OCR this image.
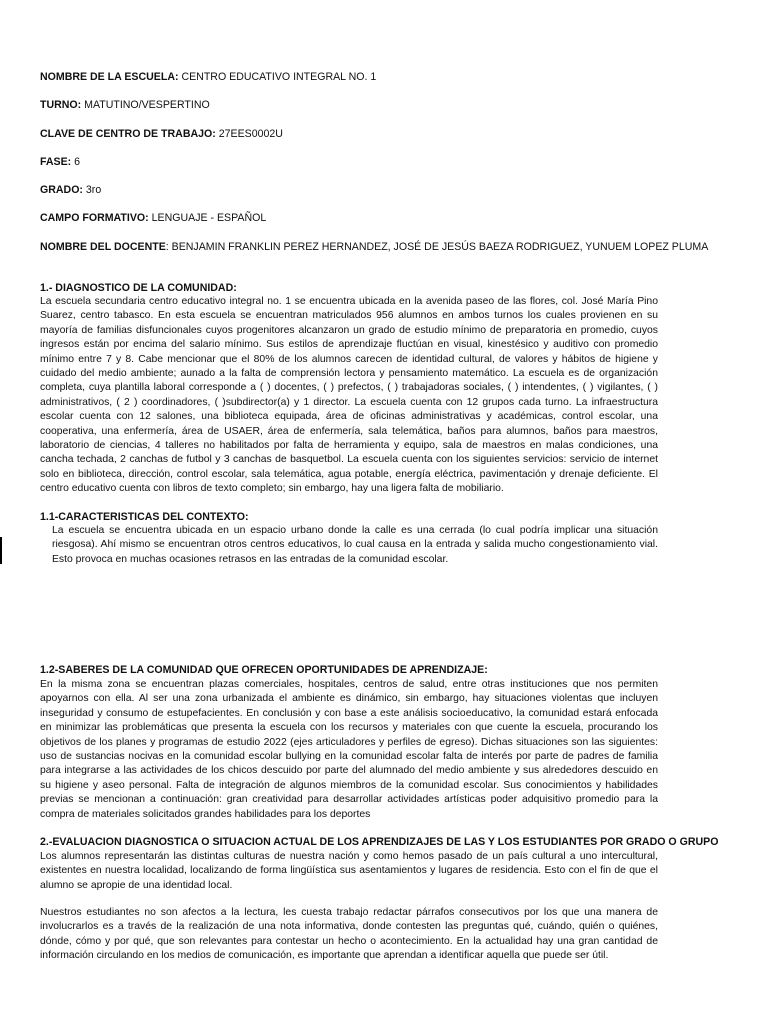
NOMBRE DE LA ESCUELA: CENTRO EDUCATIVO INTEGRAL NO. 1
TURNO: MATUTINO/VESPERTINO
CLAVE DE CENTRO DE TRABAJO: 27EES0002U
FASE: 6
GRADO: 3ro
CAMPO FORMATIVO: LENGUAJE - ESPAÑOL
NOMBRE DEL DOCENTE: BENJAMIN FRANKLIN PEREZ HERNANDEZ, JOSÉ DE JESÚS BAEZA RODRIGUEZ, YUNUEM LOPEZ PLUMA
1.- DIAGNOSTICO DE LA COMUNIDAD:
La escuela secundaria centro educativo integral no. 1 se encuentra ubicada en la avenida paseo de las flores, col. José María Pino Suarez, centro tabasco. En esta escuela se encuentran matriculados 956 alumnos en ambos turnos los cuales provienen en su mayoría de familias disfuncionales cuyos progenitores alcanzaron un grado de estudio mínimo de preparatoria en promedio, cuyos ingresos están por encima del salario mínimo. Sus estilos de aprendizaje fluctúan en visual, kinestésico y auditivo con promedio mínimo entre 7 y 8. Cabe mencionar que el 80% de los alumnos carecen de identidad cultural, de valores y hábitos de higiene y cuidado del medio ambiente; aunado a la falta de comprensión lectora y pensamiento matemático. La escuela es de organización completa, cuya plantilla laboral corresponde a ( ) docentes, ( ) prefectos, ( ) trabajadoras sociales, ( ) intendentes, ( ) vigilantes, ( ) administrativos, ( 2 ) coordinadores, ( )subdirector(a) y 1 director. La escuela cuenta con 12 grupos cada turno. La infraestructura escolar cuenta con 12 salones, una biblioteca equipada, área de oficinas administrativas y académicas, control escolar, una cooperativa, una enfermería, área de USAER, área de enfermería, sala telemática, baños para alumnos, baños para maestros, laboratorio de ciencias, 4 talleres no habilitados por falta de herramienta y equipo, sala de maestros en malas condiciones, una cancha techada, 2 canchas de futbol y 3 canchas de basquetbol. La escuela cuenta con los siguientes servicios: servicio de internet solo en biblioteca, dirección, control escolar, sala telemática, agua potable, energía eléctrica, pavimentación y drenaje deficiente. El centro educativo cuenta con libros de texto completo; sin embargo, hay una ligera falta de mobiliario.
1.1-CARACTERISTICAS DEL CONTEXTO:
La escuela se encuentra ubicada en un espacio urbano donde la calle es una cerrada (lo cual podría implicar una situación riesgosa). Ahí mismo se encuentran otros centros educativos, lo cual causa en la entrada y salida mucho congestionamiento vial. Esto provoca en muchas ocasiones retrasos en las entradas de la comunidad escolar.
1.2-SABERES DE LA COMUNIDAD QUE OFRECEN OPORTUNIDADES DE APRENDIZAJE:
En la misma zona se encuentran plazas comerciales, hospitales, centros de salud, entre otras instituciones que nos permiten apoyarnos con ella. Al ser una zona urbanizada el ambiente es dinámico, sin embargo, hay situaciones violentas que incluyen inseguridad y consumo de estupefacientes. En conclusión y con base a este análisis socioeducativo, la comunidad estará enfocada en minimizar las problemáticas que presenta la escuela con los recursos y materiales con que cuente la escuela, procurando los objetivos de los planes y programas de estudio 2022 (ejes articuladores y perfiles de egreso). Dichas situaciones son las siguientes: uso de sustancias nocivas en la comunidad escolar bullying en la comunidad escolar falta de interés por parte de padres de familia para integrarse a las actividades de los chicos descuido por parte del alumnado del medio ambiente y sus alrededores descuido en su higiene y aseo personal. Falta de integración de algunos miembros de la comunidad escolar. Sus conocimientos y habilidades previas se mencionan a continuación: gran creatividad para desarrollar actividades artísticas poder adquisitivo promedio para la compra de materiales solicitados grandes habilidades para los deportes
2.-EVALUACION DIAGNOSTICA O SITUACION ACTUAL DE LOS APRENDIZAJES DE LAS Y LOS ESTUDIANTES POR GRADO O GRUPO
Los alumnos representarán las distintas culturas de nuestra nación y como hemos pasado de un país cultural a uno intercultural, existentes en nuestra localidad, localizando de forma lingüística sus asentamientos y lugares de residencia. Esto con el fin de que el alumno se apropie de una identidad local.
Nuestros estudiantes no son afectos a la lectura, les cuesta trabajo redactar párrafos consecutivos por los que una manera de involucrarlos es a través de la realización de una nota informativa, donde contesten las preguntas qué, cuándo, quién o quiénes, dónde, cómo y por qué, que son relevantes para contestar un hecho o acontecimiento. En la actualidad hay una gran cantidad de información circulando en los medios de comunicación, es importante que aprendan a identificar aquella que puede ser útil.
